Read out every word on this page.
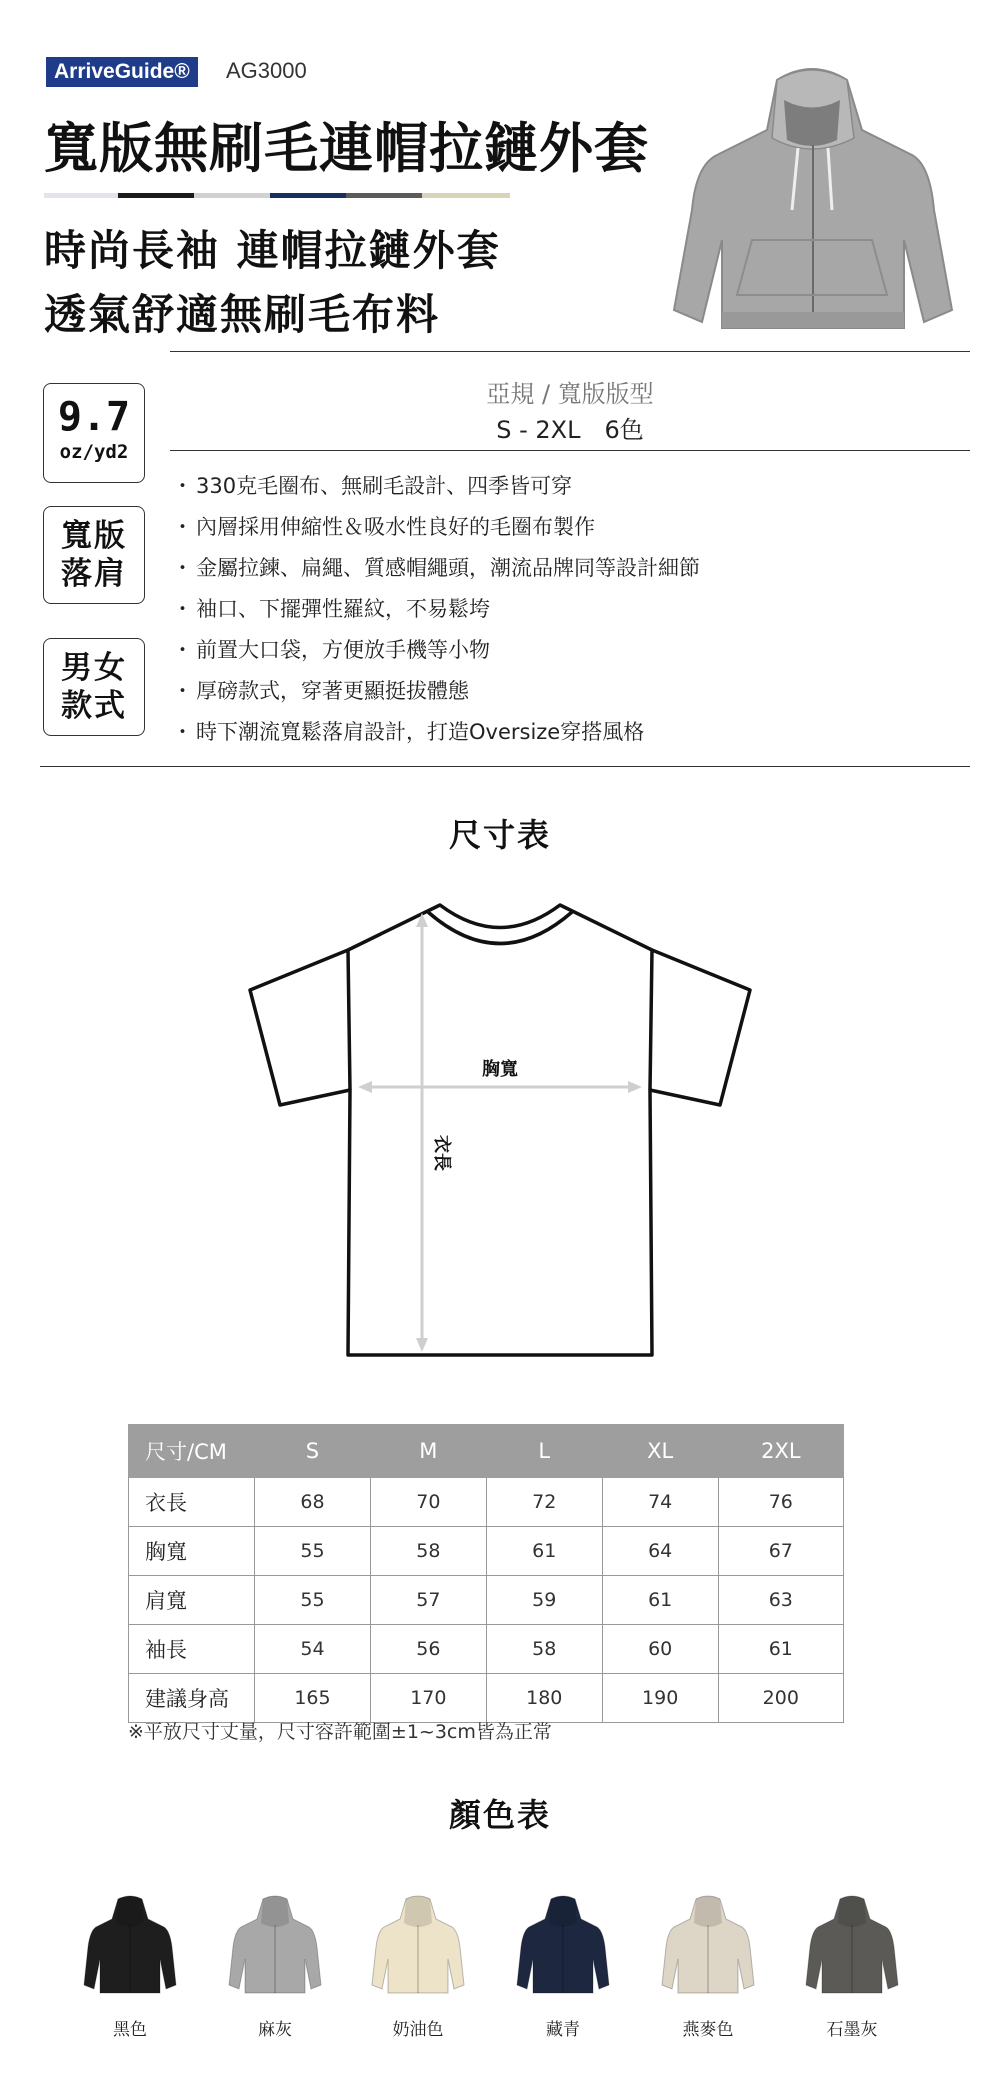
ArriveGuide®	AG3000
寬版無刷毛連帽拉鏈外套
時尚長袖 連帽拉鏈外套
透氣舒適無刷毛布料
亞規 / 寬版版型
S - 2XL 6色
9.7
oz/yd2
寬版
落肩
男女
款式
・ 330克毛圈布、無刷毛設計、四季皆可穿
・ 內層採用伸縮性＆吸水性良好的毛圈布製作
・ 金屬拉鍊、扁繩、質感帽繩頭，潮流品牌同等設計細節
・ 袖口、下擺彈性羅紋，不易鬆垮
・ 前置大口袋，方便放手機等小物
・ 厚磅款式，穿著更顯挺拔體態
・ 時下潮流寬鬆落肩設計，打造Oversize穿搭風格
尺寸表
胸寬
衣長
尺寸/CM	S	M	L	XL	2XL
衣長	68	70	72	74	76
胸寬	55	58	61	64	67
肩寬	55	57	59	61	63
袖長	54	56	58	60	61
建議身高	165	170	180	190	200
※平放尺寸丈量，尺寸容許範圍±1~3cm皆為正常
顏色表
黑色	麻灰	奶油色	藏青	燕麥色	石墨灰
